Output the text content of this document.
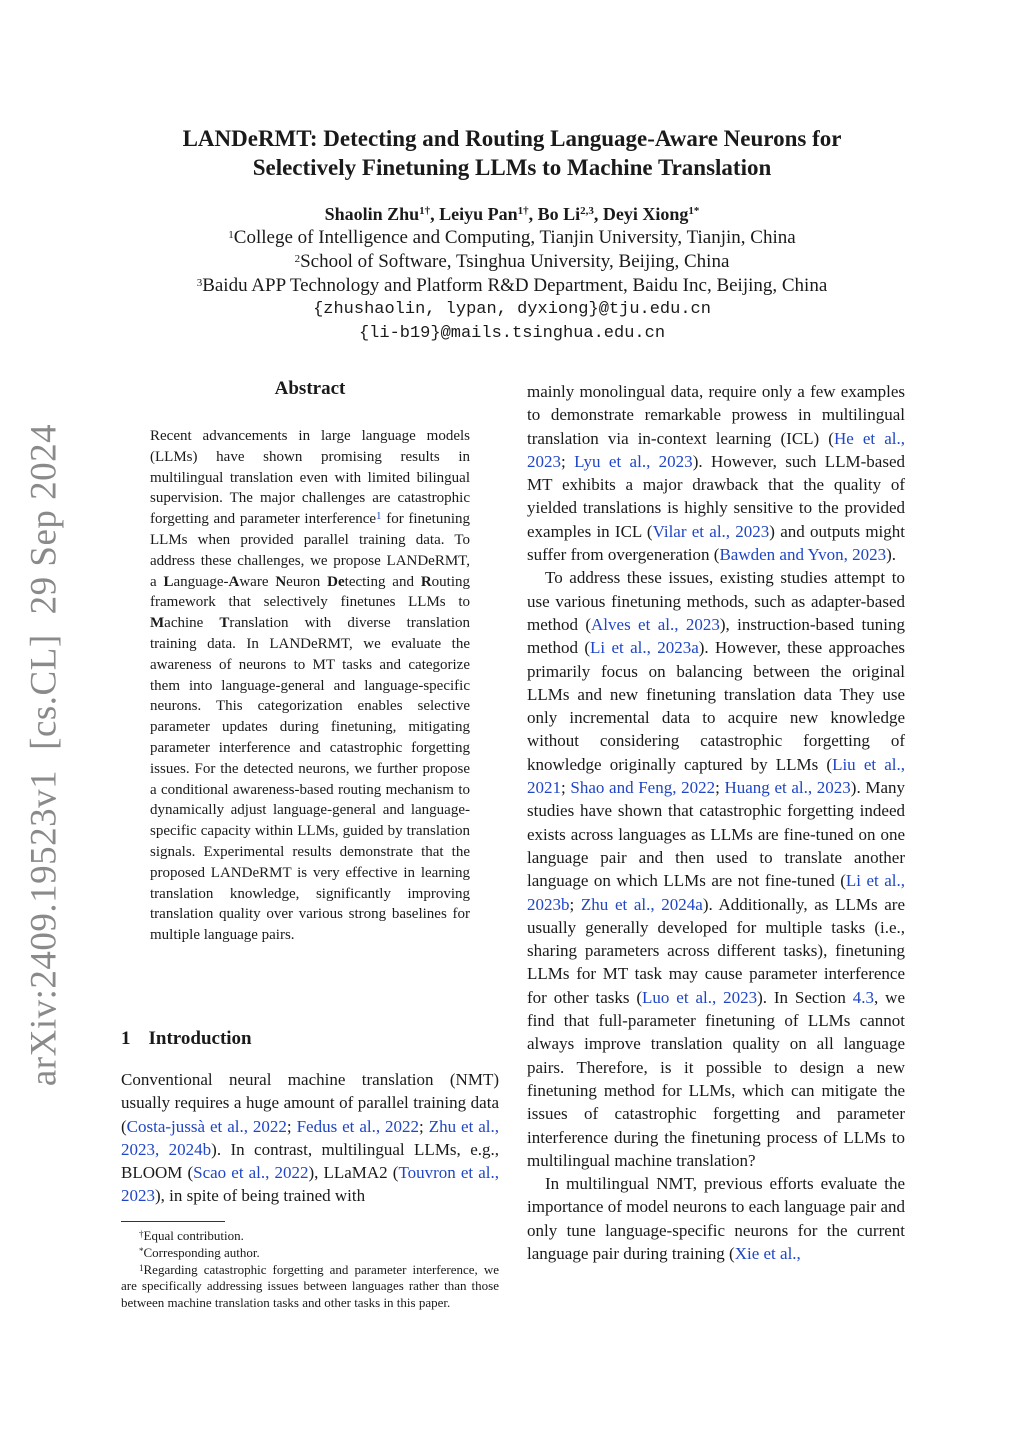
arXiv:2409.19523v1[cs.CL]29 Sep 2024
LANDeRMT: Detecting and Routing Language-Aware Neurons for
Selectively Finetuning LLMs to Machine Translation
Shaolin Zhu$^{1\dagger}$, Leiyu Pan$^{1\dagger}$, Bo Li$^{2,3}$, Deyi Xiong$^{1*}$
$^1$College of Intelligence and Computing, Tianjin University, Tianjin, China
$^2$School of Software, Tsinghua University, Beijing, China
$^3$Baidu APP Technology and Platform R&D Department, Baidu Inc, Beijing, China
{zhushaolin, lypan, dyxiong}@tju.edu.cn
{li-b19}@mails.tsinghua.edu.cn
Abstract
Recent advancements in large language models (LLMs) have shown promising results in multilingual translation even with limited bilingual supervision. The major challenges are catastrophic forgetting and parameter interference$^1$ for finetuning LLMs when provided parallel training data. To address these challenges, we propose LANDeRMT, a Language-Aware Neuron Detecting and Routing framework that selectively finetunes LLMs to Machine Translation with diverse translation training data. In LANDeRMT, we evaluate the awareness of neurons to MT tasks and categorize them into language-general and language-specific neurons. This categorization enables selective parameter updates during finetuning, mitigating parameter interference and catastrophic forgetting issues. For the detected neurons, we further propose a conditional awareness-based routing mechanism to dynamically adjust language-general and language-specific capacity within LLMs, guided by translation signals. Experimental results demonstrate that the proposed LANDeRMT is very effective in learning translation knowledge, significantly improving translation quality over various strong baselines for multiple language pairs.
1 Introduction

Conventional neural machine translation (NMT) usually requires a huge amount of parallel training data (Costa-jussà et al., 2022; Fedus et al., 2022; Zhu et al., 2023, 2024b). In contrast, multilingual LLMs, e.g., BLOOM (Scao et al., 2022), LLaMA2 (Touvron et al., 2023), in spite of being trained with

mainly monolingual data, require only a few examples to demonstrate remarkable prowess in multilingual translation via in-context learning (ICL) (He et al., 2023; Lyu et al., 2023). However, such LLM-based MT exhibits a major drawback that the quality of yielded translations is highly sensitive to the provided examples in ICL (Vilar et al., 2023) and outputs might suffer from overgeneration (Bawden and Yvon, 2023).

To address these issues, existing studies attempt to use various finetuning methods, such as adapter-based method (Alves et al., 2023), instruction-based tuning method (Li et al., 2023a). However, these approaches primarily focus on balancing between the original LLMs and new finetuning translation data They use only incremental data to acquire new knowledge without considering catastrophic forgetting of knowledge originally captured by LLMs (Liu et al., 2021; Shao and Feng, 2022; Huang et al., 2023). Many studies have shown that catastrophic forgetting indeed exists across languages as LLMs are fine-tuned on one language pair and then used to translate another language on which LLMs are not fine-tuned (Li et al., 2023b; Zhu et al., 2024a). Additionally, as LLMs are usually generally developed for multiple tasks (i.e., sharing parameters across different tasks), finetuning LLMs for MT task may cause parameter interference for other tasks (Luo et al., 2023). In Section 4.3, we find that full-parameter finetuning of LLMs cannot always improve translation quality on all language pairs. Therefore, is it possible to design a new finetuning method for LLMs, which can mitigate the issues of catastrophic forgetting and parameter interference during the finetuning process of LLMs to multilingual machine translation?

In multilingual NMT, previous efforts evaluate the importance of model neurons to each language pair and only tune language-specific neurons for the current language pair during training (Xie et al.,

†Equal contribution.
*Corresponding author.
$^1$Regarding catastrophic forgetting and parameter interference, we are specifically addressing issues between languages rather than those between machine translation tasks and other tasks in this paper.
